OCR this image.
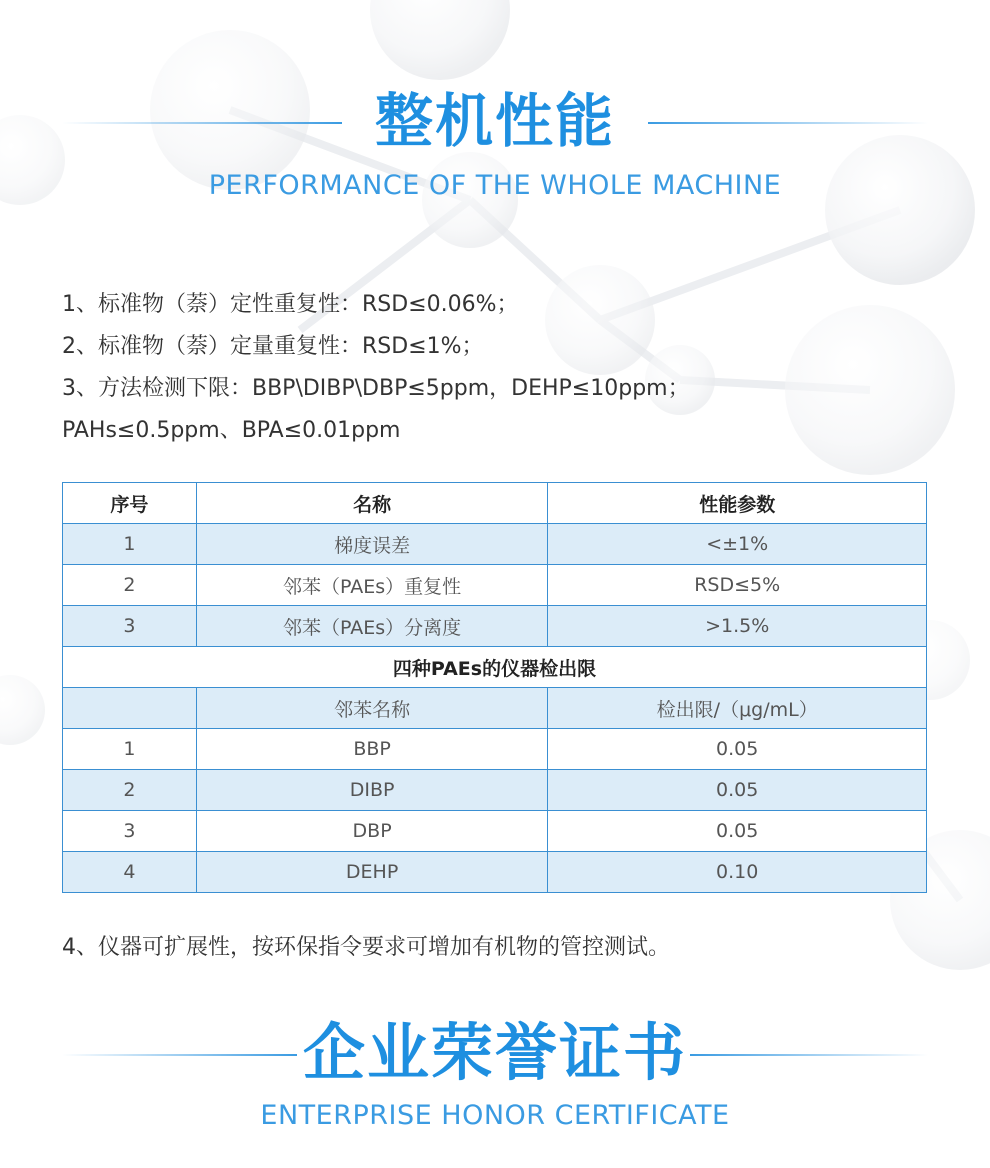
整机性能
PERFORMANCE OF THE WHOLE MACHINE
1、标准物（萘）定性重复性：RSD≤0.06%；
2、标准物（萘）定量重复性：RSD≤1%；
3、方法检测下限：BBP\DIBP\DBP≤5ppm，DEHP≤10ppm；PAHs≤0.5ppm、BPA≤0.01ppm
序号	名称	性能参数
1	梯度误差	<±1%
2	邻苯（PAEs）重复性	RSD≤5%
3	邻苯（PAEs）分离度	>1.5%
四种PAEs的仪器检出限		
	邻苯名称	检出限/（μg/mL）
1	BBP	0.05
2	DIBP	0.05
3	DBP	0.05
4	DEHP	0.10
4、仪器可扩展性，按环保指令要求可增加有机物的管控测试。
企业荣誉证书
ENTERPRISE HONOR CERTIFICATE
